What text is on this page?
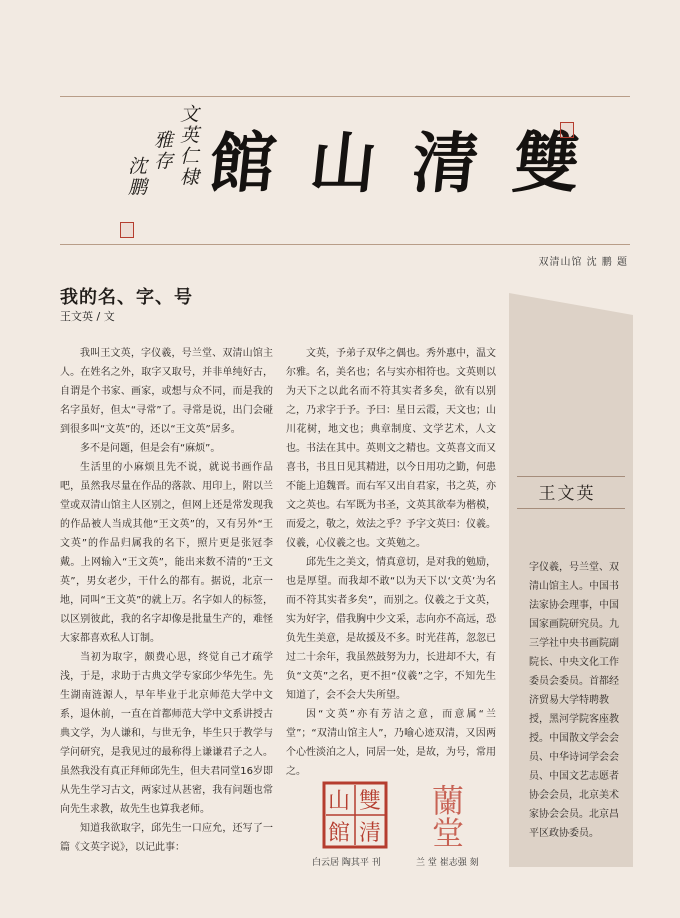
文英仁棣
雅存
沈鹏	雙
清
山
館
双清山馆 沈 鹏 题
我的名、字、号
王文英 / 文

我叫王文英，字仪羲，号兰堂、双清山馆主人。在姓名之外，取字又取号，并非单纯好古，自谓是个书家、画家，或想与众不同，而是我的名字虽好，但太“寻常”了。寻常是说，出门会碰到很多叫“文英”的，还以“王文英”居多。

多不是问题，但是会有“麻烦”。

生活里的小麻烦且先不说，就说书画作品吧，虽然我尽量在作品的落款、用印上，附以兰堂或双清山馆主人区别之，但网上还是常发现我的作品被人当成其他“王文英”的，又有另外“王文英”的作品归属我的名下，照片更是张冠李戴。上网输入“王文英”，能出来数不清的“王文英”，男女老少，干什么的都有。据说，北京一地，同叫“王文英”的就上万。名字如人的标签，以区别彼此，我的名字却像是批量生产的，难怪大家都喜欢私人订制。

当初为取字，颇费心思，终觉自己才疏学浅，于是，求助于古典文学专家邱少华先生。先生湖南涟源人，早年毕业于北京师范大学中文系，退休前，一直在首都师范大学中文系讲授古典文学，为人谦和，与世无争，毕生只于教学与学问研究，是我见过的最称得上谦谦君子之人。虽然我没有真正拜师邱先生，但夫君同堂16岁即从先生学习古文，两家过从甚密，我有问题也常向先生求教，故先生也算我老师。

知道我欲取字，邱先生一口应允，还写了一篇《文英字说》，以记此事：

文英，予弟子双华之偶也。秀外惠中，温文尔雅。名，美名也；名与实亦相符也。文英则以为天下之以此名而不符其实者多矣，欲有以别之，乃求字于予。予曰：星日云霞，天文也；山川花树，地文也；典章制度、文学艺术，人文也。书法在其中。英则文之精也。文英喜文而又喜书，书且日见其精进，以今日用功之勤，何患不能上追魏晋。而右军又出自君家，书之英，亦文之英也。右军既为书圣，文英其欲奉为楷模，而爱之，敬之，效法之乎？予字文英曰：仪羲。仪羲，心仪羲之也。文英勉之。

邱先生之美文，情真意切，是对我的勉励，也是厚望。而我却不敢“以为天下以‘文英’为名而不符其实者多矣”，而别之。仪羲之于文英，实为好字，借我胸中少文采，志向亦不高远，恐负先生美意，是故援及不多。时光荏苒，忽忽已过二十余年，我虽然鼓努为力，长进却不大，有负“文英”之名，更不担“仪羲”之字，不知先生知道了，会不会大失所望。

因“文英”亦有芳洁之意，而意属“兰堂”；“双清山馆主人”，乃喻心迹双清，又因两个心性淡泊之人，同居一处，是故，为号，常用之。

雙
清
山
館
白云居 陶其平 刊
蘭
堂
兰 堂 崔志强 刻
王文英
字仪羲，号兰堂、双清山馆主人。中国书法家协会理事，中国国家画院研究员。九三学社中央书画院副院长、中央文化工作委员会委员。首都经济贸易大学特聘教授，黑河学院客座教授。中国散文学会会员、中华诗词学会会员、中国文艺志愿者协会会员，北京美术家协会会员。北京昌平区政协委员。
